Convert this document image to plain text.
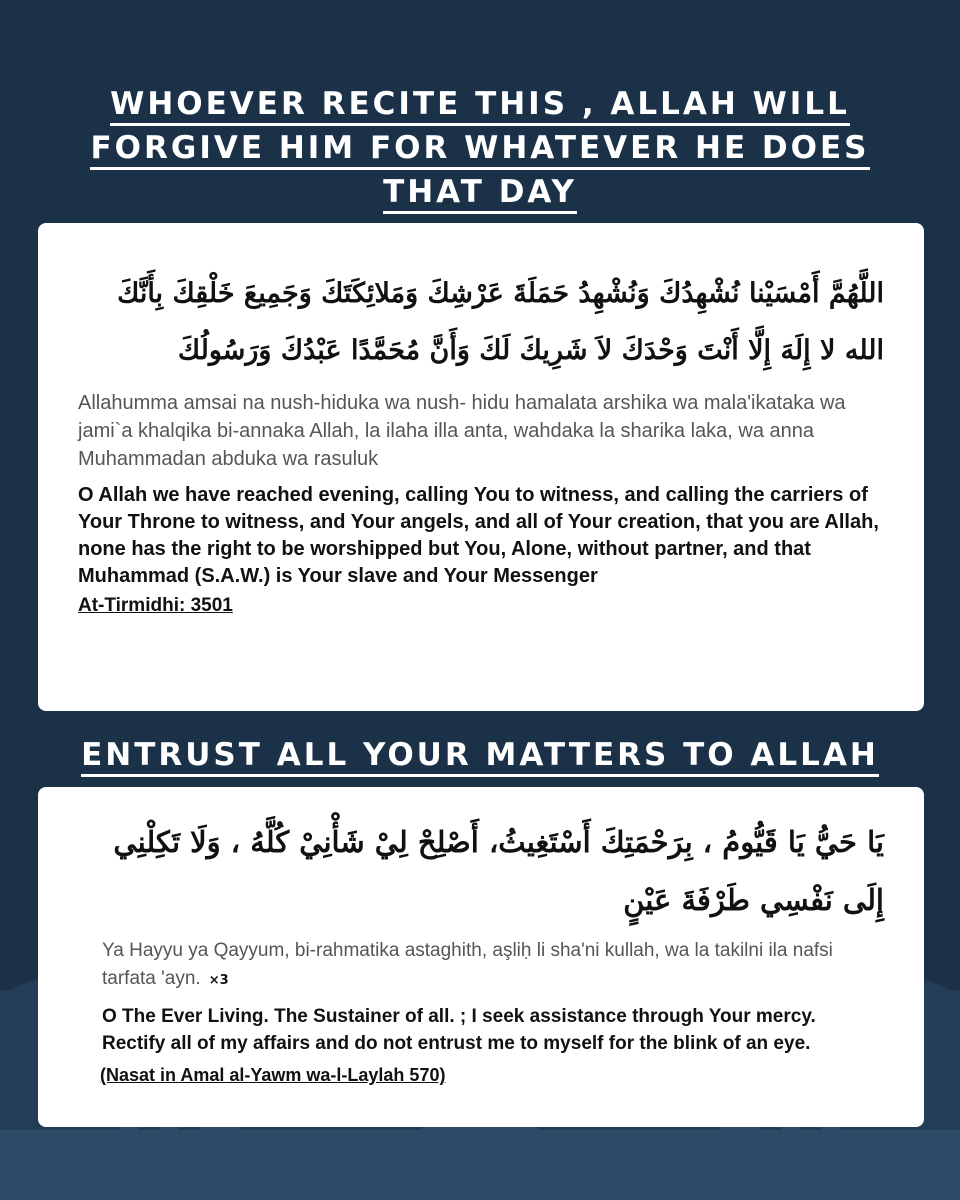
WHOEVER RECITE THIS , ALLAH WILL
FORGIVE HIM FOR WHATEVER HE DOES
THAT DAY
اللَّهُمَّ أَمْسَيْنا نُشْهِدُكَ وَنُشْهِدُ حَمَلَةَ عَرْشِكَ وَمَلائِكَتَكَ وَجَمِيعَ خَلْقِكَ بِأَنَّكَ الله لا إِلَهَ إِلَّا أَنْتَ وَحْدَكَ لاَ شَرِيكَ لَكَ وَأَنَّ مُحَمَّدًا عَبْدُكَ وَرَسُولُكَ
Allahumma amsai na nush-hiduka wa nush- hidu hamalata arshika wa mala'ikataka wa jami`a khalqika bi-annaka Allah, la ilaha illa anta, wahdaka la sharika laka, wa anna Muhammadan abduka wa rasuluk
O Allah we have reached evening, calling You to witness, and calling the carriers of Your Throne to witness, and Your angels, and all of Your creation, that you are Allah, none has the right to be worshipped but You, Alone, without partner, and that Muhammad (S.A.W.) is Your slave and Your Messenger
At-Tirmidhi: 3501
ENTRUST ALL YOUR MATTERS TO ALLAH
يَا حَيُّ يَا قَيُّومُ ، بِرَحْمَتِكَ أَسْتَغِيثُ، أَصْلِحْ لِيْ شَأْنِيْ كُلَّهُ ، وَلَا تَكِلْنِي إِلَى نَفْسِي طَرْفَةَ عَيْنٍ
Ya Hayyu ya Qayyum, bi-rahmatika astaghith, aşliḥ li sha'ni kullah, wa la takilni ila nafsi tarfata 'ayn. ×3
O The Ever Living. The Sustainer of all. ; I seek assistance through Your mercy. Rectify all of my affairs and do not entrust me to myself for the blink of an eye.
(Nasat in Amal al-Yawm wa-l-Laylah 570)
